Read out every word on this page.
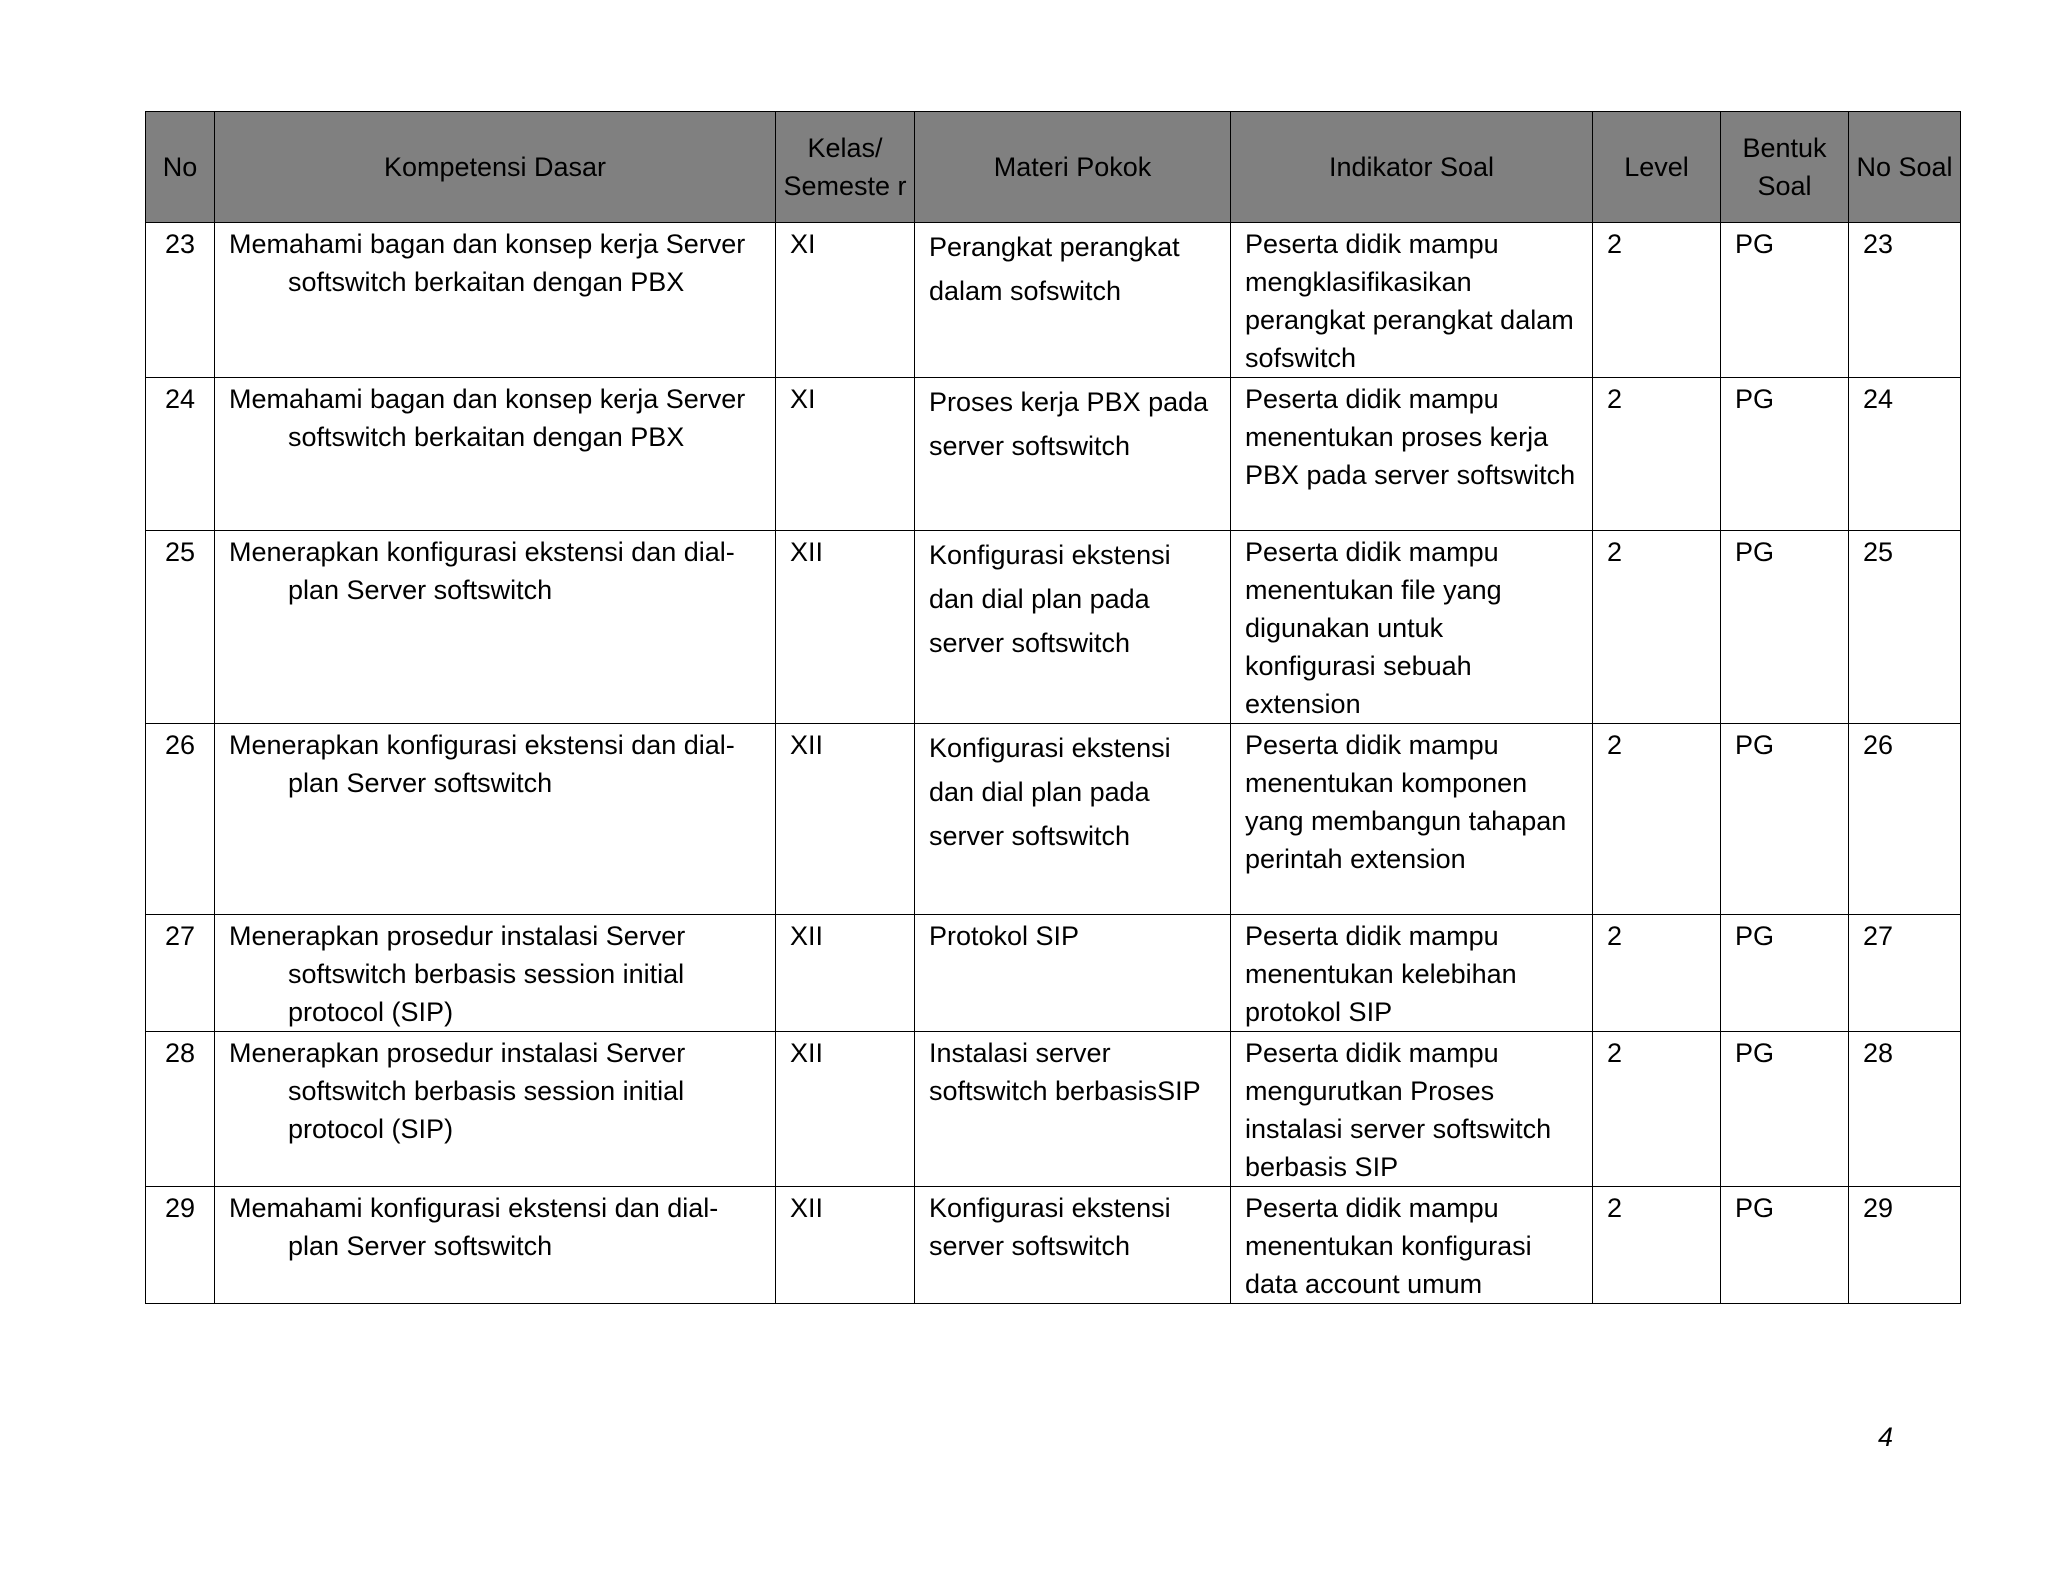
No	Kompetensi Dasar	Kelas/ Semeste r	Materi Pokok	Indikator Soal	Level	Bentuk Soal	No Soal
23	Memahami bagan dan konsep kerja Server softswitch berkaitan dengan PBX	XI	Perangkat perangkat dalam sofswitch	Peserta didik mampu mengklasifikasikan perangkat perangkat dalam sofswitch	2	PG	23
24	Memahami bagan dan konsep kerja Server softswitch berkaitan dengan PBX	XI	Proses kerja PBX pada server softswitch	Peserta didik mampu menentukan proses kerja PBX pada server softswitch	2	PG	24
25	Menerapkan konfigurasi ekstensi dan dial-plan Server softswitch	XII	Konfigurasi ekstensi dan dial plan pada server softswitch	Peserta didik mampu menentukan file yang digunakan untuk konfigurasi sebuah extension	2	PG	25
26	Menerapkan konfigurasi ekstensi dan dial-plan Server softswitch	XII	Konfigurasi ekstensi dan dial plan pada server softswitch	Peserta didik mampu menentukan komponen yang membangun tahapan perintah extension	2	PG	26
27	Menerapkan prosedur instalasi Server softswitch berbasis session initial protocol (SIP)	XII	Protokol SIP	Peserta didik mampu menentukan kelebihan protokol SIP	2	PG	27
28	Menerapkan prosedur instalasi Server softswitch berbasis session initial protocol (SIP)	XII	Instalasi server softswitch berbasisSIP	Peserta didik mampu mengurutkan Proses instalasi server softswitch berbasis SIP	2	PG	28
29	Memahami konfigurasi ekstensi dan dial-plan Server softswitch	XII	Konfigurasi ekstensi server softswitch	Peserta didik mampu menentukan konfigurasi data account umum	2	PG	29
4
